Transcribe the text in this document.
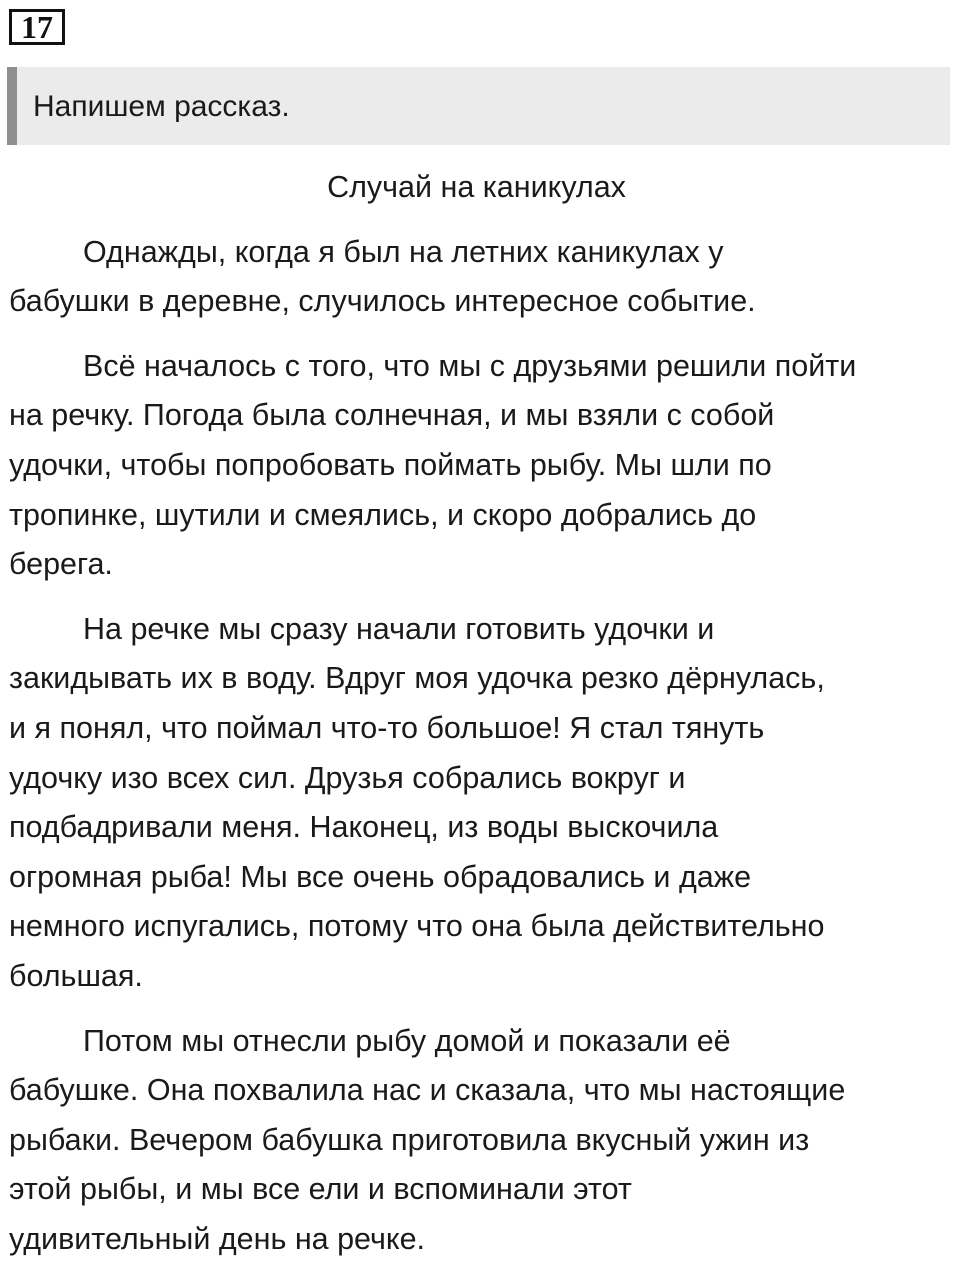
17
Напишем рассказ.
Случай на каникулах

Однажды, когда я был на летних каникулах у
бабушки в деревне, случилось интересное событие.

Всё началось с того, что мы с друзьями решили пойти
на речку. Погода была солнечная, и мы взяли с собой
удочки, чтобы попробовать поймать рыбу. Мы шли по
тропинке, шутили и смеялись, и скоро добрались до
берега.

На речке мы сразу начали готовить удочки и
закидывать их в воду. Вдруг моя удочка резко дёрнулась,
и я понял, что поймал что-то большое! Я стал тянуть
удочку изо всех сил. Друзья собрались вокруг и
подбадривали меня. Наконец, из воды выскочила
огромная рыба! Мы все очень обрадовались и даже
немного испугались, потому что она была действительно
большая.

Потом мы отнесли рыбу домой и показали её
бабушке. Она похвалила нас и сказала, что мы настоящие
рыбаки. Вечером бабушка приготовила вкусный ужин из
этой рыбы, и мы все ели и вспоминали этот
удивительный день на речке.
